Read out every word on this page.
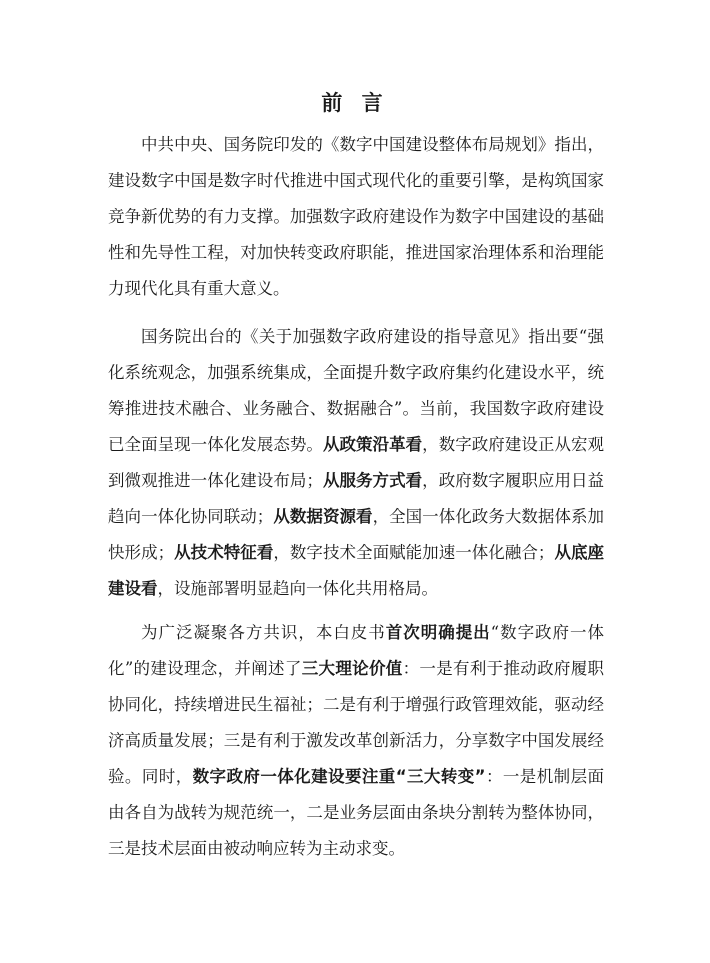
前 言

中共中央、国务院印发的《数字中国建设整体布局规划》指出，建设数字中国是数字时代推进中国式现代化的重要引擎，是构筑国家竞争新优势的有力支撑。加强数字政府建设作为数字中国建设的基础性和先导性工程，对加快转变政府职能，推进国家治理体系和治理能力现代化具有重大意义。

国务院出台的《关于加强数字政府建设的指导意见》指出要“强化系统观念，加强系统集成，全面提升数字政府集约化建设水平，统筹推进技术融合、业务融合、数据融合”。当前，我国数字政府建设已全面呈现一体化发展态势。从政策沿革看，数字政府建设正从宏观到微观推进一体化建设布局；从服务方式看，政府数字履职应用日益趋向一体化协同联动；从数据资源看，全国一体化政务大数据体系加快形成；从技术特征看，数字技术全面赋能加速一体化融合；从底座建设看，设施部署明显趋向一体化共用格局。

为广泛凝聚各方共识，本白皮书首次明确提出“数字政府一体化”的建设理念，并阐述了三大理论价值：一是有利于推动政府履职协同化，持续增进民生福祉；二是有利于增强行政管理效能，驱动经济高质量发展；三是有利于激发改革创新活力，分享数字中国发展经验。同时，数字政府一体化建设要注重“三大转变”：一是机制层面由各自为战转为规范统一，二是业务层面由条块分割转为整体协同，三是技术层面由被动响应转为主动求变。
